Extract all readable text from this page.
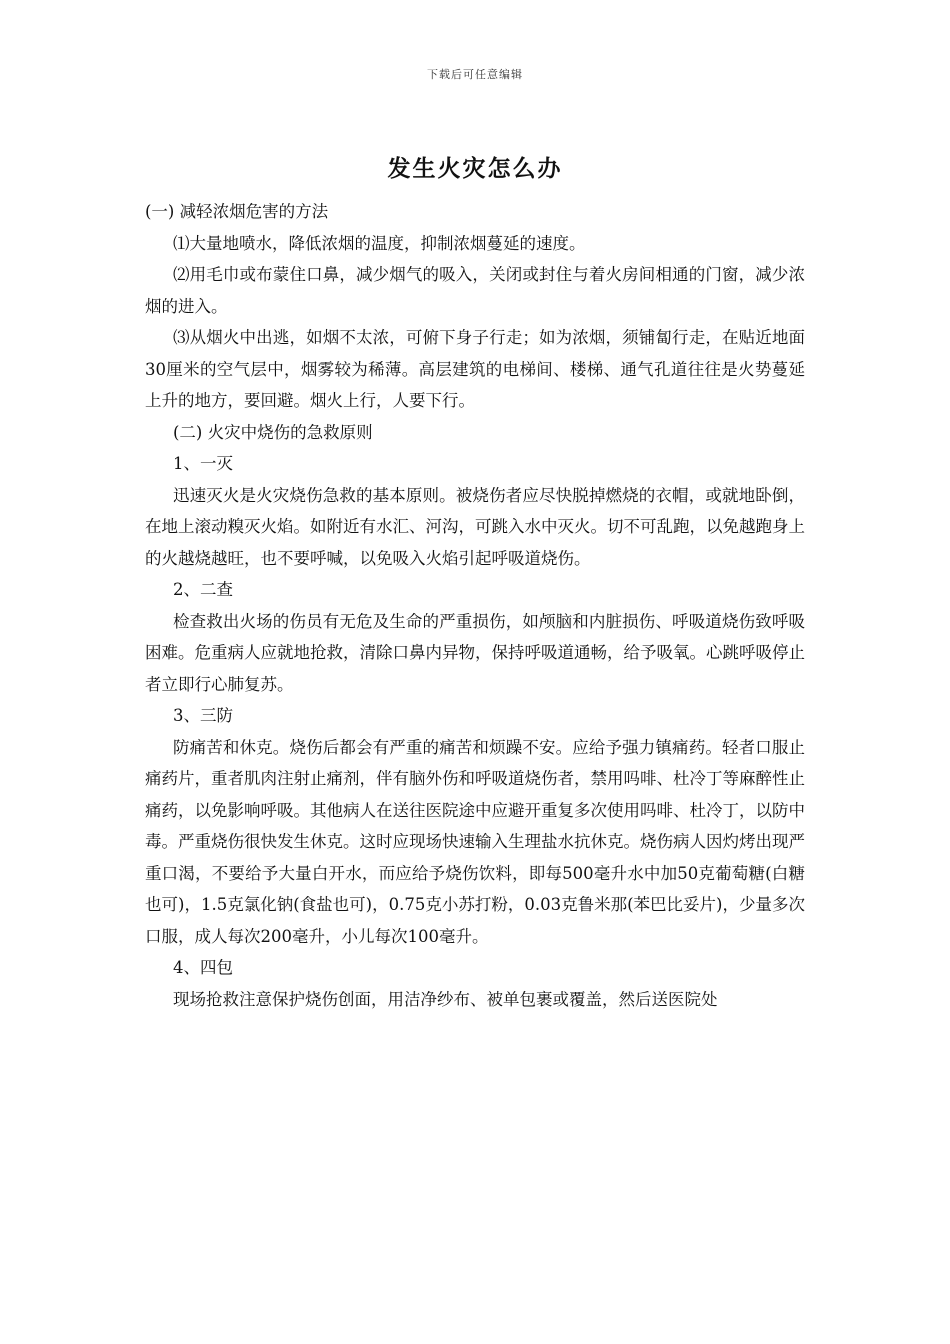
下载后可任意编辑
发生火灾怎么办

(一) 减轻浓烟危害的方法

⑴大量地喷水，降低浓烟的温度，抑制浓烟蔓延的速度。

⑵用毛巾或布蒙住口鼻，减少烟气的吸入，关闭或封住与着火房间相通的门窗，减少浓烟的进入。

⑶从烟火中出逃，如烟不太浓，可俯下身子行走；如为浓烟，须铺匐行走，在贴近地面30厘米的空气层中，烟雾较为稀薄。高层建筑的电梯间、楼梯、通气孔道往往是火势蔓延上升的地方，要回避。烟火上行，人要下行。

(二) 火灾中烧伤的急救原则

1、一灭

迅速灭火是火灾烧伤急救的基本原则。被烧伤者应尽快脱掉燃烧的衣帽，或就地卧倒，在地上滚动糗灭火焰。如附近有水汇、河沟，可跳入水中灭火。切不可乱跑，以免越跑身上的火越烧越旺，也不要呼喊，以免吸入火焰引起呼吸道烧伤。

2、二查

检查救出火场的伤员有无危及生命的严重损伤，如颅脑和内脏损伤、呼吸道烧伤致呼吸困难。危重病人应就地抢救，清除口鼻内异物，保持呼吸道通畅，给予吸氧。心跳呼吸停止者立即行心肺复苏。

3、三防

防痛苦和休克。烧伤后都会有严重的痛苦和烦躁不安。应给予强力镇痛药。轻者口服止痛药片，重者肌肉注射止痛剂，伴有脑外伤和呼吸道烧伤者，禁用吗啡、杜冷丁等麻醉性止痛药，以免影响呼吸。其他病人在送往医院途中应避开重复多次使用吗啡、杜冷丁，以防中毒。严重烧伤很快发生休克。这时应现场快速输入生理盐水抗休克。烧伤病人因灼烤出现严重口渴，不要给予大量白开水，而应给予烧伤饮料，即每500毫升水中加50克葡萄糖(白糖也可)，1.5克氯化钠(食盐也可)，0.75克小苏打粉，0.03克鲁米那(苯巴比妥片)，少量多次口服，成人每次200毫升，小儿每次100毫升。

4、四包

现场抢救注意保护烧伤创面，用洁净纱布、被单包裹或覆盖，然后送医院处
